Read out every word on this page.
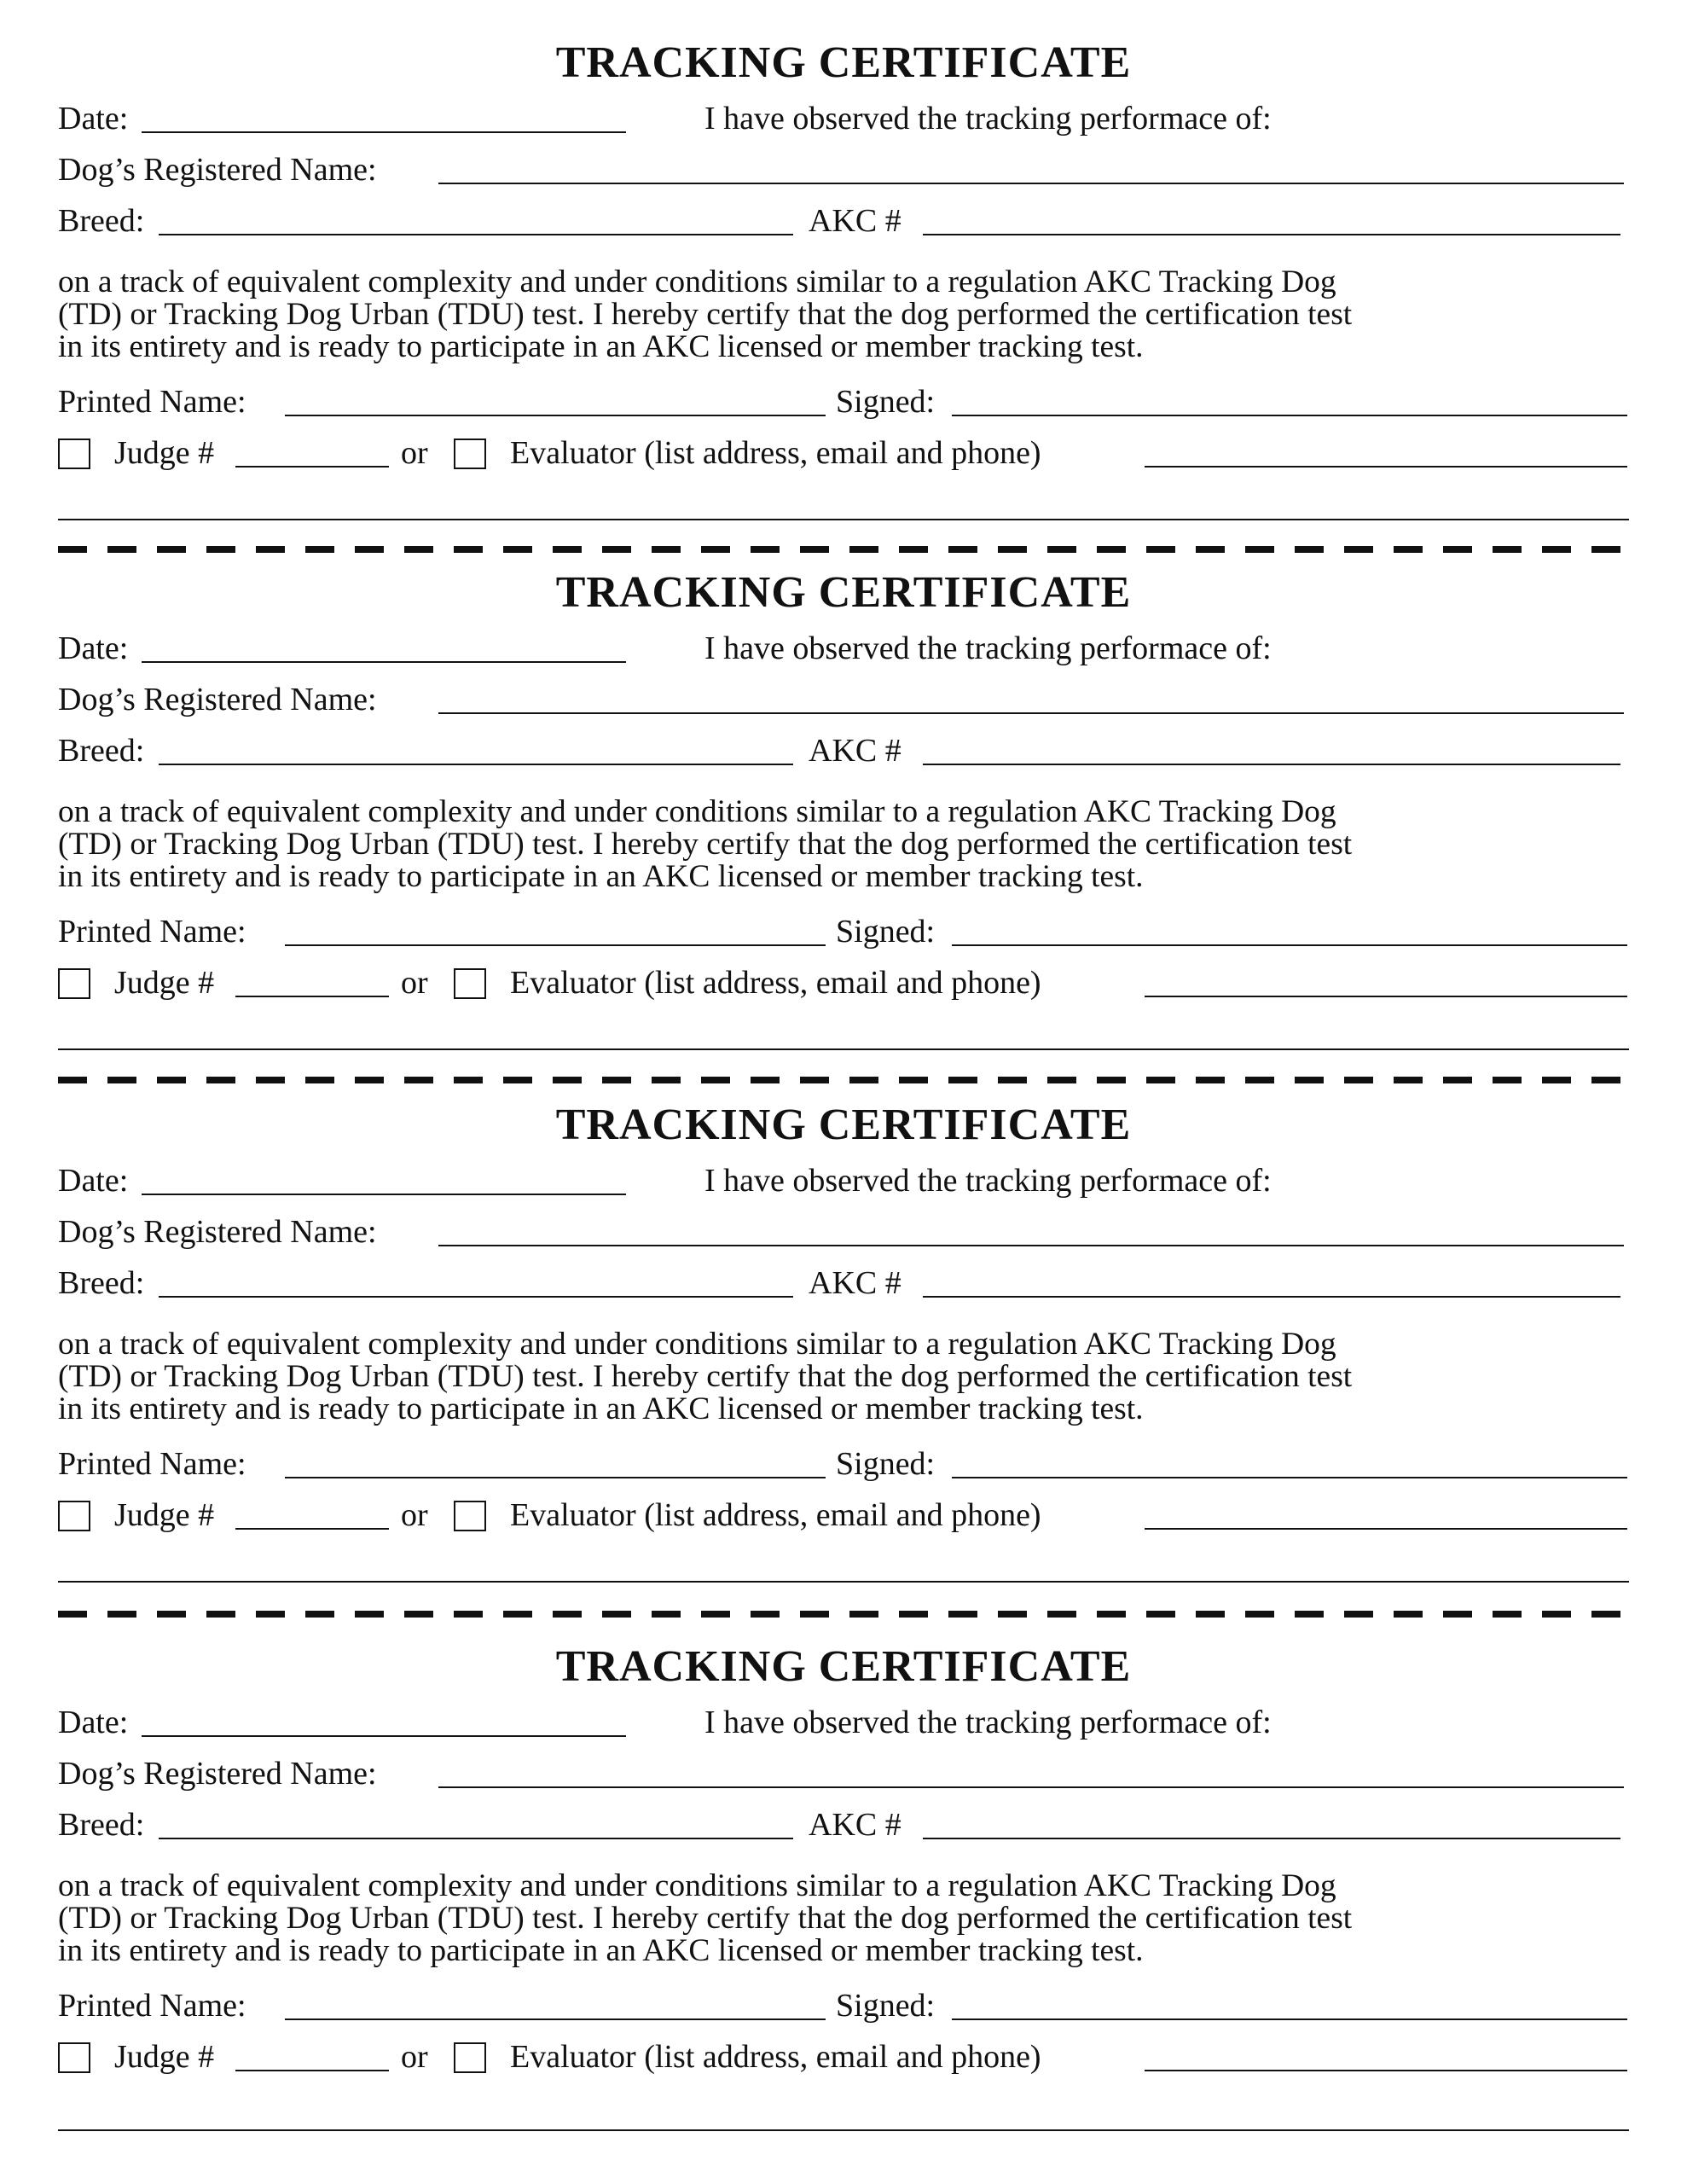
TRACKING CERTIFICATE
Date:	I have observed the tracking performace of:
Dog’s Registered Name:
Breed:	AKC #
on a track of equivalent complexity and under conditions similar to a regulation AKC Tracking Dog
(TD) or Tracking Dog Urban (TDU) test. I hereby certify that the dog performed the certification test
in its entirety and is ready to participate in an AKC licensed or member tracking test.
Printed Name:	Signed:
Judge #	or	Evaluator (list address, email and phone)
TRACKING CERTIFICATE
Date:	I have observed the tracking performace of:
Dog’s Registered Name:
Breed:	AKC #
on a track of equivalent complexity and under conditions similar to a regulation AKC Tracking Dog
(TD) or Tracking Dog Urban (TDU) test. I hereby certify that the dog performed the certification test
in its entirety and is ready to participate in an AKC licensed or member tracking test.
Printed Name:	Signed:
Judge #	or	Evaluator (list address, email and phone)
TRACKING CERTIFICATE
Date:	I have observed the tracking performace of:
Dog’s Registered Name:
Breed:	AKC #
on a track of equivalent complexity and under conditions similar to a regulation AKC Tracking Dog
(TD) or Tracking Dog Urban (TDU) test. I hereby certify that the dog performed the certification test
in its entirety and is ready to participate in an AKC licensed or member tracking test.
Printed Name:	Signed:
Judge #	or	Evaluator (list address, email and phone)
TRACKING CERTIFICATE
Date:	I have observed the tracking performace of:
Dog’s Registered Name:
Breed:	AKC #
on a track of equivalent complexity and under conditions similar to a regulation AKC Tracking Dog
(TD) or Tracking Dog Urban (TDU) test. I hereby certify that the dog performed the certification test
in its entirety and is ready to participate in an AKC licensed or member tracking test.
Printed Name:	Signed:
Judge #	or	Evaluator (list address, email and phone)
